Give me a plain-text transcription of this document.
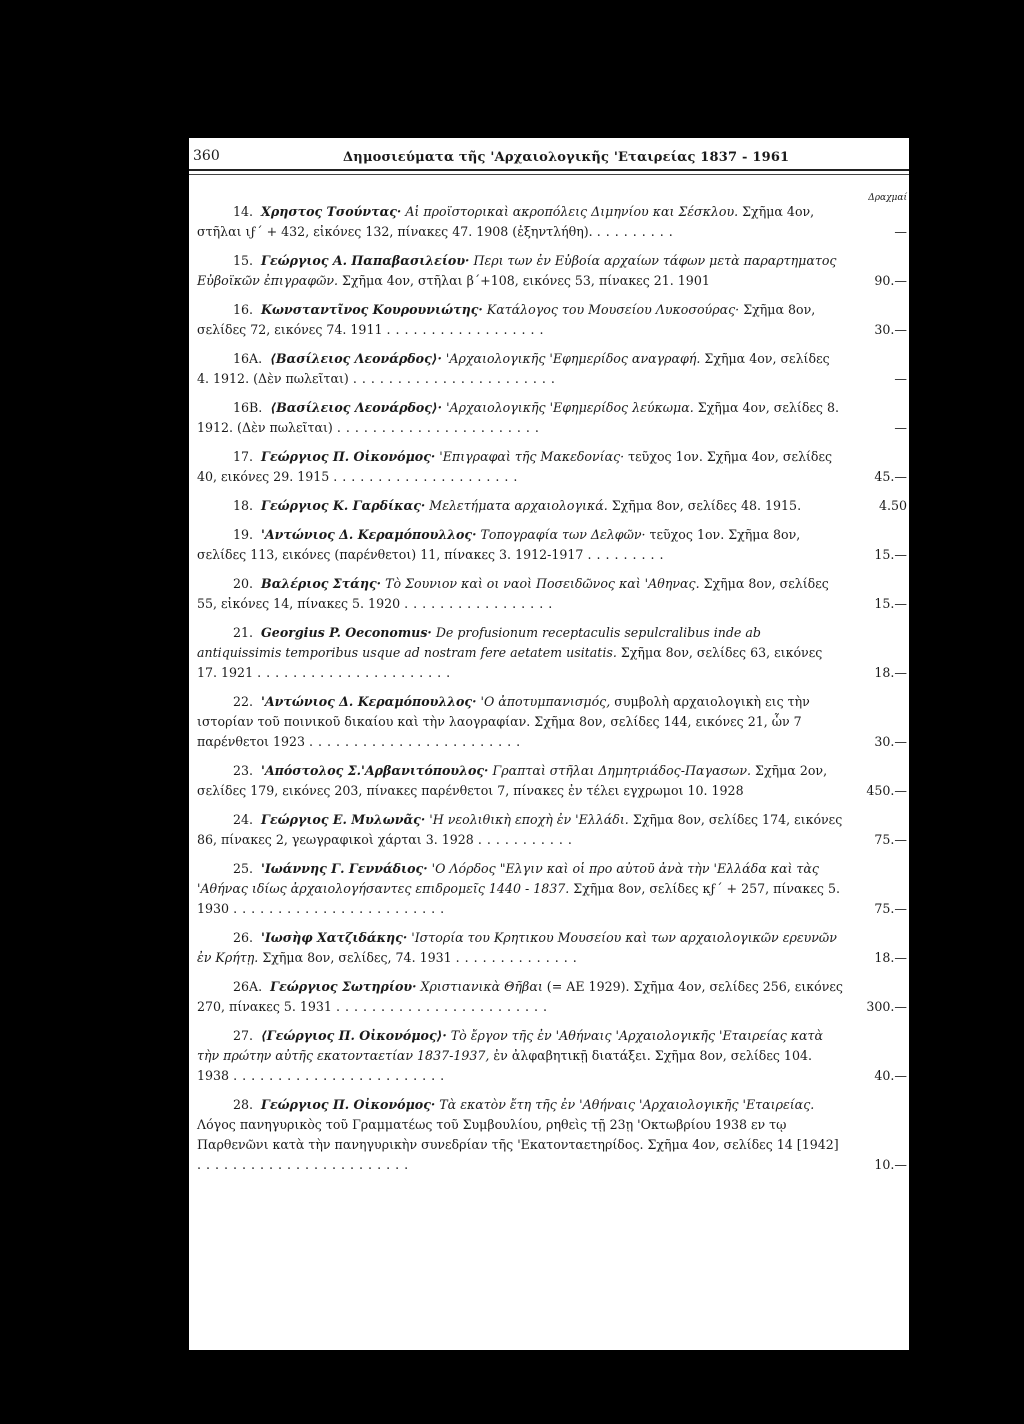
360	Δημοσιεύματα τῆς 'Αρχαιολογικῆς 'Εταιρείας 1837 - 1961
Δραχμαί
14. Χρηστος Τσούντας· Αἱ προϊστορικαὶ ακροπόλεις Διμηνίου και Σέσκλου. Σχῆμα 4ον, στῆλαι ιϝ΄ + 432, εἰκόνες 132, πίνακες 47. 1908 (ἐξηντλήθη). .........	—
15. Γεώργιος Α. Παπαβασιλείου· Περι των ἐν Εὐβοία αρχαίων τάφων μετὰ παραρτηματος Εὐβοϊκῶν ἐπιγραφῶν. Σχῆμα 4ον, στῆλαι β΄+108, εικόνες 53, πίνακες 21. 1901	90.—
16. Κωνσταντῖνος Κουρουνιώτης· Κατάλογος του Μουσείου Λυκοσούρας· Σχῆμα 8ον, σελίδες 72, εικόνες 74. 1911 ..................	30.—
16Α. ⟨Βασίλειος Λεονάρδος⟩· 'Αρχαιολογικῆς 'Εφημερίδος αναγραφή. Σχῆμα 4ον, σελίδες 4. 1912. (Δὲν πωλεῖται) .......................	—
16Β. ⟨Βασίλειος Λεονάρδος⟩· 'Αρχαιολογικῆς 'Εφημερίδος λεύκωμα. Σχῆμα 4ον, σελίδες 8. 1912. (Δὲν πωλεῖται) .......................	—
17. Γεώργιος Π. Οἰκονόμος· 'Επιγραφαὶ τῆς Μακεδονίας· τεῦχος 1ον. Σχῆμα 4ον, σελίδες 40, εικόνες 29. 1915 .....................	45.—
18. Γεώργιος Κ. Γαρδίκας· Μελετήματα αρχαιολογικά. Σχῆμα 8ον, σελίδες 48. 1915.	4.50
19. 'Αντώνιος Δ. Κεραμόπουλλος· Τοπογραφία των Δελφῶν· τεῦχος 1ον. Σχῆμα 8ον, σελίδες 113, εικόνες (παρένθετοι) 11, πίνακες 3. 1912-1917 .........	15.—
20. Βαλέριος Στάης· Τὸ Σουνιον καὶ οι ναοὶ Ποσειδῶνος καὶ 'Αθηνας. Σχῆμα 8ον, σελίδες 55, εἰκόνες 14, πίνακες 5. 1920 .................	15.—
21. Georgius P. Oeconomus· De profusionum receptaculis sepulcralibus inde ab antiquissimis temporibus usque ad nostram fere aetatem usitatis. Σχῆμα 8ον, σελίδες 63, εικόνες 17. 1921 ......................	18.—
22. 'Αντώνιος Δ. Κεραμόπουλλος· 'Ο ἀποτυμπανισμός, συμβολὴ αρχαιολογικὴ εις τὴν ιστορίαν τοῦ ποινικοῦ δικαίου καὶ τὴν λαογραφίαν. Σχῆμα 8ον, σελίδες 144, εικόνες 21, ὧν 7 παρένθετοι 1923 ........................	30.—
23. 'Απόστολος Σ.'Αρβανιτόπουλος· Γραπταὶ στῆλαι Δημητριάδος-Παγασων. Σχῆμα 2ον, σελίδες 179, εικόνες 203, πίνακες παρένθετοι 7, πίνακες ἐν τέλει εγχρωμοι 10. 1928	450.—
24. Γεώργιος Ε. Μυλωνᾶς· 'Η νεολιθικὴ εποχὴ ἐν 'Ελλάδι. Σχῆμα 8ον, σελίδες 174, εικόνες 86, πίνακες 2, γεωγραφικοὶ χάρται 3. 1928 ...........	75.—
25. 'Ιωάννης Γ. Γεννάδιος· 'Ο Λόρδος "Ελγιν καὶ οἱ προ αὐτοῦ ἀνὰ τὴν 'Ελλάδα καὶ τὰς 'Αθήνας ιδίως ἀρχαιολογήσαντες επιδρομεῖς 1440 - 1837. Σχῆμα 8ον, σελίδες κϝ΄ + 257, πίνακες 5. 1930 ........................	75.—
26. 'Ιωσὴφ Χατζιδάκης· 'Ιστορία του Κρητικου Μουσείου καὶ των αρχαιολογικῶν ερευνῶν ἐν Κρήτῃ. Σχῆμα 8ον, σελίδες, 74. 1931 ..............	18.—
26Α. Γεώργιος Σωτηρίου· Χριστιανικὰ Θῆβαι (= ΑΕ 1929). Σχῆμα 4ον, σελίδες 256, εικόνες 270, πίνακες 5. 1931 ........................	300.—
27. ⟨Γεώργιος Π. Οἰκονόμος⟩· Τὸ ἔργον τῆς ἐν 'Αθήναις 'Αρχαιολογικῆς 'Εταιρείας κατὰ τὴν πρώτην αὐτῆς εκατονταετίαν 1837-1937, ἐν ἀλφαβητικῇ διατάξει. Σχῆμα 8ον, σελίδες 104. 1938 ........................	40.—
28. Γεώργιος Π. Οἰκονόμος· Τὰ εκατὸν ἔτη τῆς ἐν 'Αθήναις 'Αρχαιολογικῆς 'Εταιρείας. Λόγος πανηγυρικὸς τοῦ Γραμματέως τοῦ Συμβουλίου, ρηθεὶς τῇ 23ῃ 'Οκτωβρίου 1938 εν τῳ Παρθενῶνι κατὰ τὴν πανηγυρικὴν συνεδρίαν τῆς 'Εκατονταετηρίδος. Σχῆμα 4ον, σελίδες 14 [1942] ........................	10.—
